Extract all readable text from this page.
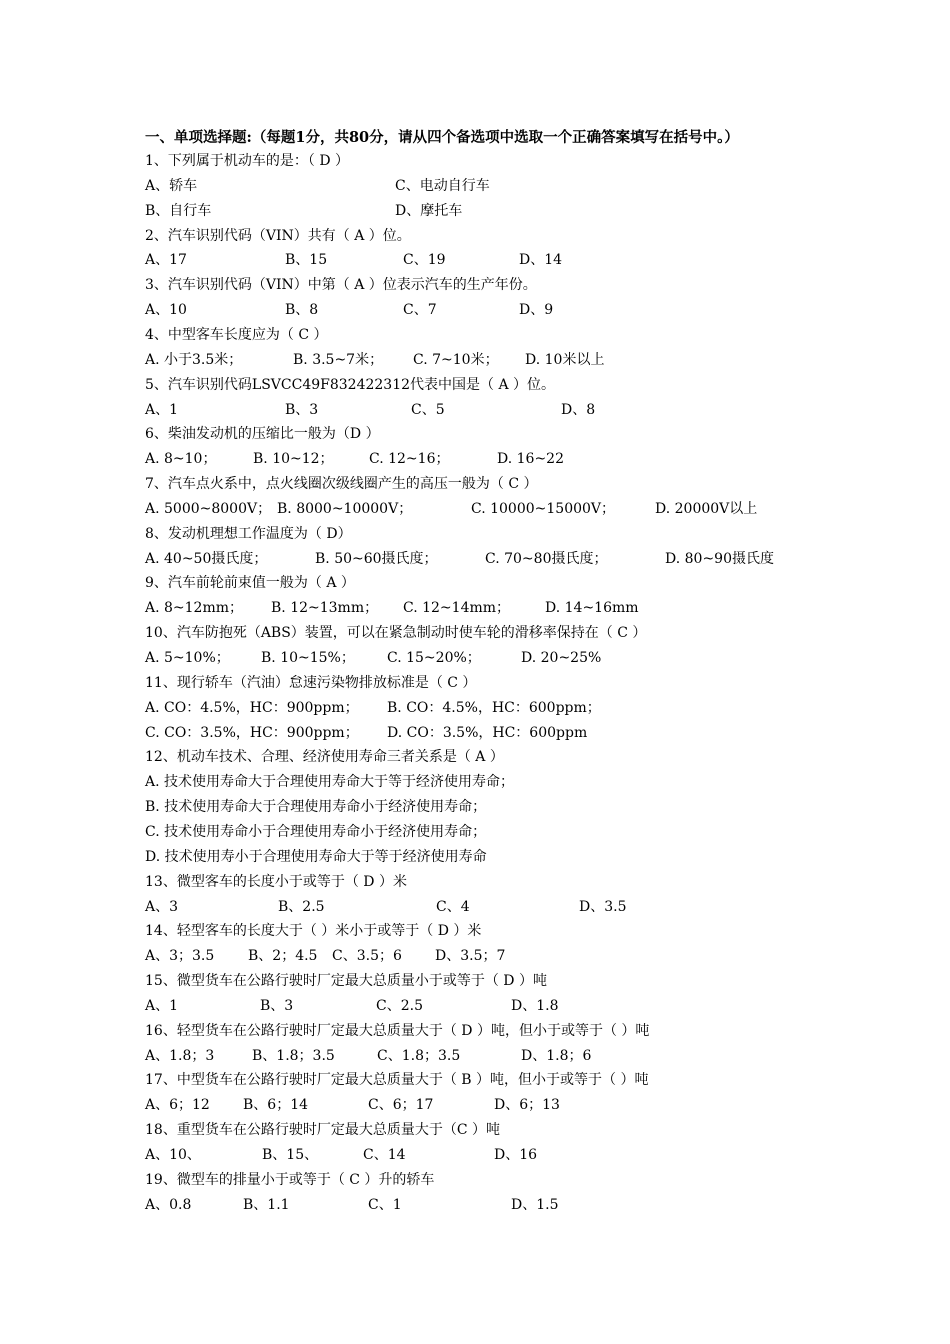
一、单项选择题:（每题1分，共80分，请从四个备选项中选取一个正确答案填写在括号中。）
1、下列属于机动车的是：（ D ）
A、轿车	C、电动自行车
B、自行车	D、摩托车
2、汽车识别代码（VIN）共有（ A ）位。
A、17	B、15	C、19	D、14
3、汽车识别代码（VIN）中第（ A ）位表示汽车的生产年份。
A、10	B、8	C、7	D、9
4、中型客车长度应为（ C ）
A. 小于3.5米；	B. 3.5~7米； C. 7~10米； D. 10米以上
5、汽车识别代码LSVCC49F832422312代表中国是（ A ）位。
A、1	B、3	C、5	D、8
6、柴油发动机的压缩比一般为（D ）
A. 8~10；	B. 10~12；	C. 12~16；	D. 16~22
7、汽车点火系中，点火线圈次级线圈产生的高压一般为（ C ）
A. 5000~8000V； B. 8000~10000V；	C. 10000~15000V；	D. 20000V以上
8、发动机理想工作温度为（ D）
A. 40~50摄氏度；	B. 50~60摄氏度；	C. 70~80摄氏度；	D. 80~90摄氏度
9、汽车前轮前束值一般为（ A ）
A. 8~12mm； B. 12~13mm； C. 12~14mm； D. 14~16mm
10、汽车防抱死（ABS）装置，可以在紧急制动时使车轮的滑移率保持在（ C ）
A. 5~10%； B. 10~15%； C. 15~20%；	D. 20~25%
11、现行轿车（汽油）怠速污染物排放标准是（ C ）
A. CO：4.5%，HC：900ppm； B. CO：4.5%，HC：600ppm；
C. CO：3.5%，HC：900ppm； D. CO：3.5%，HC：600ppm
12、机动车技术、合理、经济使用寿命三者关系是（ A ）
A. 技术使用寿命大于合理使用寿命大于等于经济使用寿命；
B. 技术使用寿命大于合理使用寿命小于经济使用寿命；
C. 技术使用寿命小于合理使用寿命小于经济使用寿命；
D. 技术使用寿小于合理使用寿命大于等于经济使用寿命
13、微型客车的长度小于或等于（ D ）米
A、3	B、2.5	C、4	D、3.5
14、轻型客车的长度大于（ ）米小于或等于（ D ）米
A、3；3.5 B、2；4.5 C、3.5；6 D、3.5；7
15、微型货车在公路行驶时厂定最大总质量小于或等于（ D ）吨
A、1	B、3	C、2.5	D、1.8
16、轻型货车在公路行驶时厂定最大总质量大于（ D ）吨，但小于或等于（ ）吨
A、1.8；3	B、1.8；3.5	C、1.8；3.5	D、1.8；6
17、中型货车在公路行驶时厂定最大总质量大于（ B ）吨，但小于或等于（ ）吨
A、6；12 B、6；14	C、6；17	D、6；13
18、重型货车在公路行驶时厂定最大总质量大于（C ）吨
A、10、	B、15、	C、14	D、16
19、微型车的排量小于或等于（ C ）升的轿车
A、0.8	B、1.1	C、1	D、1.5
